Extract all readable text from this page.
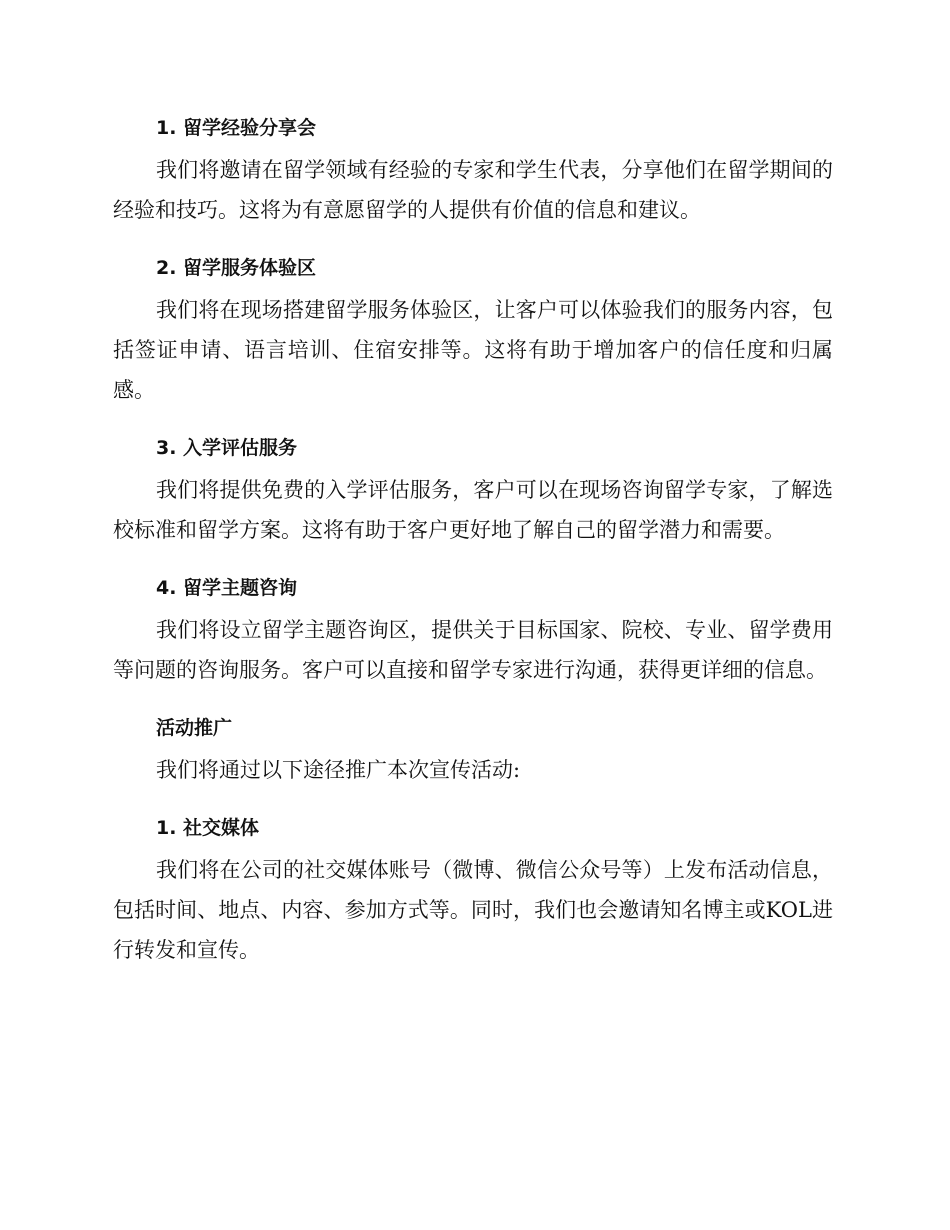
1. 留学经验分享会

我们将邀请在留学领域有经验的专家和学生代表，分享他们在留学期间的经验和技巧。这将为有意愿留学的人提供有价值的信息和建议。

2. 留学服务体验区

我们将在现场搭建留学服务体验区，让客户可以体验我们的服务内容，包括签证申请、语言培训、住宿安排等。这将有助于增加客户的信任度和归属感。

3. 入学评估服务

我们将提供免费的入学评估服务，客户可以在现场咨询留学专家，了解选校标准和留学方案。这将有助于客户更好地了解自己的留学潜力和需要。

4. 留学主题咨询

我们将设立留学主题咨询区，提供关于目标国家、院校、专业、留学费用等问题的咨询服务。客户可以直接和留学专家进行沟通，获得更详细的信息。

活动推广

我们将通过以下途径推广本次宣传活动:

1. 社交媒体

我们将在公司的社交媒体账号（微博、微信公众号等）上发布活动信息，包括时间、地点、内容、参加方式等。同时，我们也会邀请知名博主或KOL进行转发和宣传。
